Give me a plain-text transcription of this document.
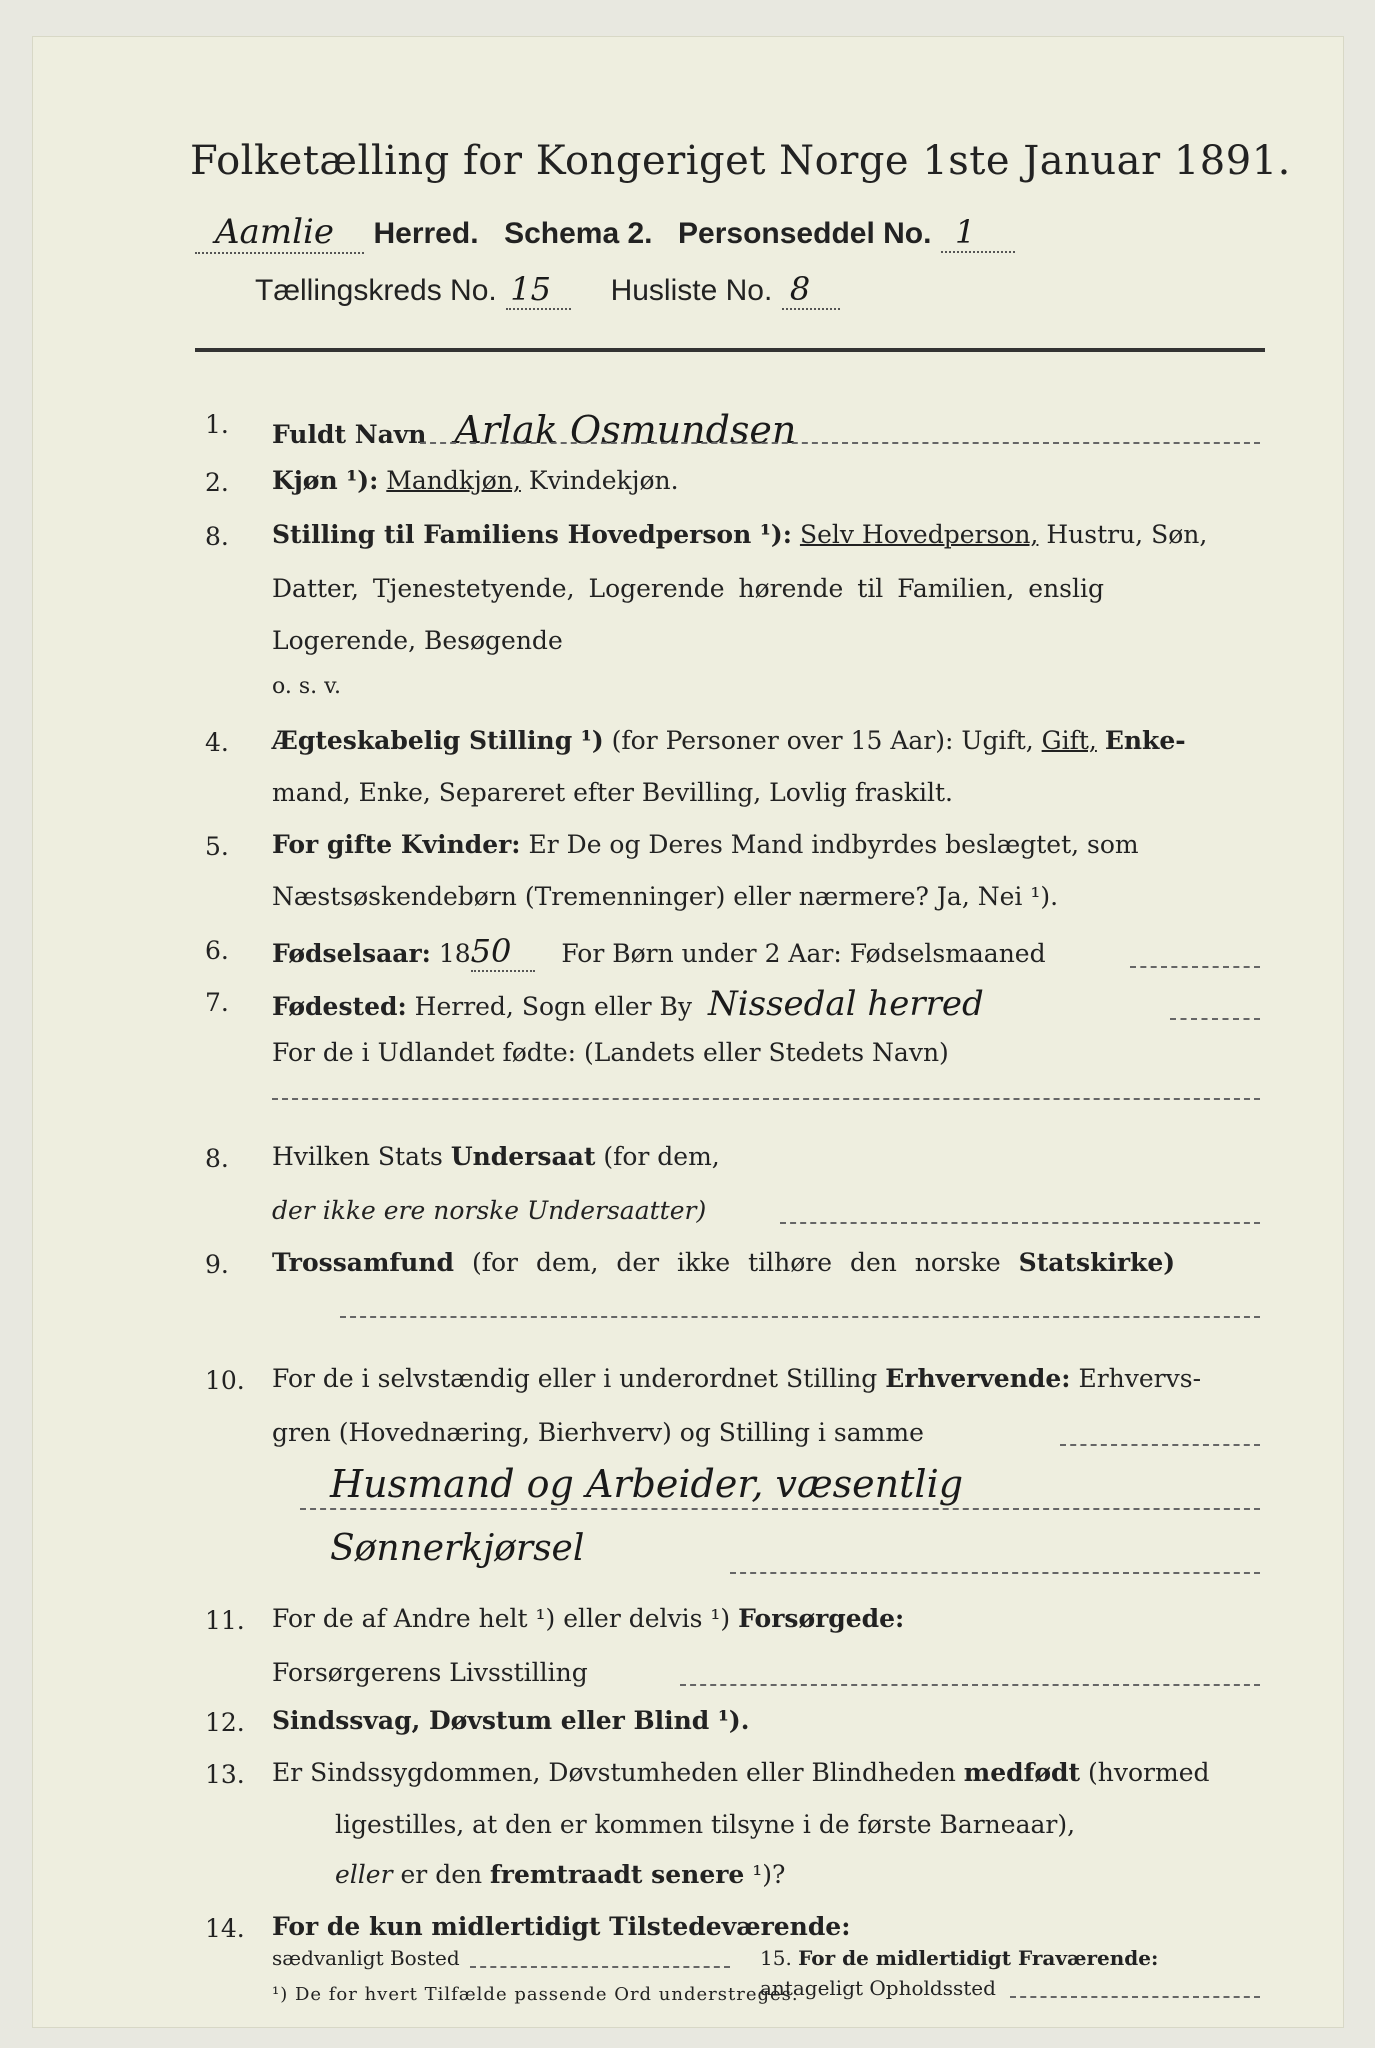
Folketælling for Kongeriget Norge 1ste Januar 1891.
Aamlie Herred. Schema 2. Personseddel No. 1
Tællingskreds No. 15 Husliste No. 8
1.	Fuldt Navn Arlak Osmundsen
2.	Kjøn ¹): Mandkjøn, Kvindekjøn.
8.	Stilling til Familiens Hovedperson ¹): Selv Hovedperson, Hustru, Søn,
Datter, Tjenestetyende, Logerende hørende til Familien, enslig
Logerende, Besøgende
o. s. v.
4.	Ægteskabelig Stilling ¹) (for Personer over 15 Aar): Ugift, Gift, Enke-
mand, Enke, Separeret efter Bevilling, Lovlig fraskilt.
5.	For gifte Kvinder: Er De og Deres Mand indbyrdes beslægtet, som
Næstsøskendebørn (Tremenninger) eller nærmere? Ja, Nei ¹).
6.	Fødselsaar: 1850 For Børn under 2 Aar: Fødselsmaaned
7.	Fødested: Herred, Sogn eller By Nissedal herred
For de i Udlandet fødte: (Landets eller Stedets Navn)
8.	Hvilken Stats Undersaat (for dem,
der ikke ere norske Undersaatter)
9.	Trossamfund (for dem, der ikke tilhøre den norske Statskirke)
10.	For de i selvstændig eller i underordnet Stilling Erhvervende: Erhvervs-
gren (Hovednæring, Bierhverv) og Stilling i samme
Husmand og Arbeider, væsentlig
Sønnerkjørsel
11.	For de af Andre helt ¹) eller delvis ¹) Forsørgede:
Forsørgerens Livsstilling
12.	Sindssvag, Døvstum eller Blind ¹).
13.	Er Sindssygdommen, Døvstumheden eller Blindheden medfødt (hvormed
ligestilles, at den er kommen tilsyne i de første Barneaar),
eller er den fremtraadt senere ¹)?
14.	For de kun midlertidigt Tilstedeværende:
sædvanligt Bosted	15. For de midlertidigt Fraværende:
antageligt Opholdssted
¹) De for hvert Tilfælde passende Ord understreges.
